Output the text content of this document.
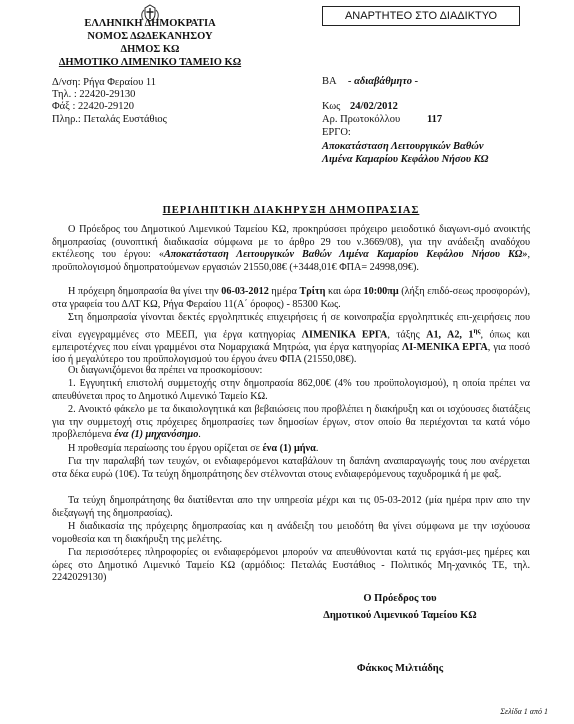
ΕΛΛΗΝΙΚΗ ΔΗΜΟΚΡΑΤΙΑ
ΝΟΜΟΣ ΔΩΔΕΚΑΝΗΣΟΥ
ΔΗΜΟΣ ΚΩ
ΔΗΜΟΤΙΚΟ ΛΙΜΕΝΙΚΟ ΤΑΜΕΙΟ ΚΩ
ΑΝΑΡΤΗΤΕΟ ΣΤΟ ΔΙΑΔΙΚΤΥΟ
Δ/νση: Ρήγα Φεραίου 11
Τηλ. : 22420-29130
Φάξ : 22420-29120
Πληρ.: Πεταλάς Ευστάθιος
ΒΑ - αδιαβάθμητο -
Κως 24/02/2012
Αρ. Πρωτοκόλλου	117
ΕΡΓΟ:
Αποκατάσταση Λειτουργικών Βαθών
Λιμένα Καμαρίου Κεφάλου Νήσου ΚΩ
ΠΕΡΙΛΗΠΤΙΚΗ ΔΙΑΚΗΡΥΞΗ ΔΗΜΟΠΡΑΣΙΑΣ
Ο Πρόεδρος του Δημοτικού Λιμενικού Ταμείου ΚΩ, προκηρύσσει πρόχειρο μειοδοτικό διαγωνι-σμό ανοικτής δημοπρασίας (συνοπτική διαδικασία σύμφωνα με το άρθρο 29 του ν.3669/08), για την ανάδειξη αναδόχου εκτέλεσης του έργου: «Αποκατάσταση Λειτουργικών Βαθών Λιμένα Καμαρίου Κεφάλου Νήσου ΚΩ», προϋπολογισμού δημοπρατούμενων εργασιών 21550,08€ (+3448,01€ ΦΠΑ= 24998,09€).
Η πρόχειρη δημοπρασία θα γίνει την 06-03-2012 ημέρα Τρίτη και ώρα 10:00πμ (λήξη επιδό-σεως προσφορών), στα γραφεία του ΔΛΤ ΚΩ, Ρήγα Φεραίου 11(Α΄ όροφος) - 85300 Κως.
Στη δημοπρασία γίνονται δεκτές εργοληπτικές επιχειρήσεις ή σε κοινοπραξία εργοληπτικές επι-χειρήσεις που είναι εγγεγραμμένες στο ΜΕΕΠ, για έργα κατηγορίας ΛΙΜΕΝΙΚΑ ΕΡΓΑ, τάξης Α1, Α2, $1^{\eta\varsigma}$, όπως και εμπειροτέχνες που είναι γραμμένοι στα Νομαρχιακά Μητρώα, για έργα κατηγορίας ΛΙ-ΜΕΝΙΚΑ ΕΡΓΑ, για ποσό ίσο ή μεγαλύτερο του προϋπολογισμού του έργου άνευ ΦΠΑ (21550,08€).
Οι διαγωνιζόμενοι θα πρέπει να προσκομίσουν:
1. Εγγυητική επιστολή συμμετοχής στην δημοπρασία 862,00€ (4% του προϋπολογισμού), η οποία πρέπει να απευθύνεται προς το Δημοτικό Λιμενικό Ταμείο ΚΩ.
2. Ανοικτό φάκελο με τα δικαιολογητικά και βεβαιώσεις που προβλέπει η διακήρυξη και οι ισχύουσες διατάξεις για την συμμετοχή στις πρόχειρες δημοπρασίες των δημοσίων έργων, στον οποίο θα περιέχονται τα κατά νόμο προβλεπόμενα ένα (1) μηχανόσημο.
Η προθεσμία περαίωσης του έργου ορίζεται σε ένα (1) μήνα.
Για την παραλαβή των τευχών, οι ενδιαφερόμενοι καταβάλουν τη δαπάνη αναπαραγωγής τους που ανέρχεται στα δέκα ευρώ (10€). Τα τεύχη δημοπράτησης δεν στέλνονται στους ενδιαφερόμενους ταχυδρομικά ή με φαξ.
Τα τεύχη δημοπράτησης θα διατίθενται απο την υπηρεσία μέχρι και τις 05-03-2012 (μία ημέρα πριν απο την διεξαγωγή της δημοπρασίας).
Η διαδικασία της πρόχειρης δημοπρασίας και η ανάδειξη του μειοδότη θα γίνει σύμφωνα με την ισχύουσα νομοθεσία και τη διακήρυξη της μελέτης.
Για περισσότερες πληροφορίες οι ενδιαφερόμενοι μπορούν να απευθύνονται κατά τις εργάσι-μες ημέρες και ώρες στο Δημοτικό Λιμενικό Ταμείο ΚΩ (αρμόδιος: Πεταλάς Ευστάθιος - Πολιτικός Μη-χανικός ΤΕ, τηλ. 2242029130)
Ο Πρόεδρος του
Δημοτικού Λιμενικού Ταμείου ΚΩ
Φάκκος Μιλτιάδης
Σελίδα 1 από 1
